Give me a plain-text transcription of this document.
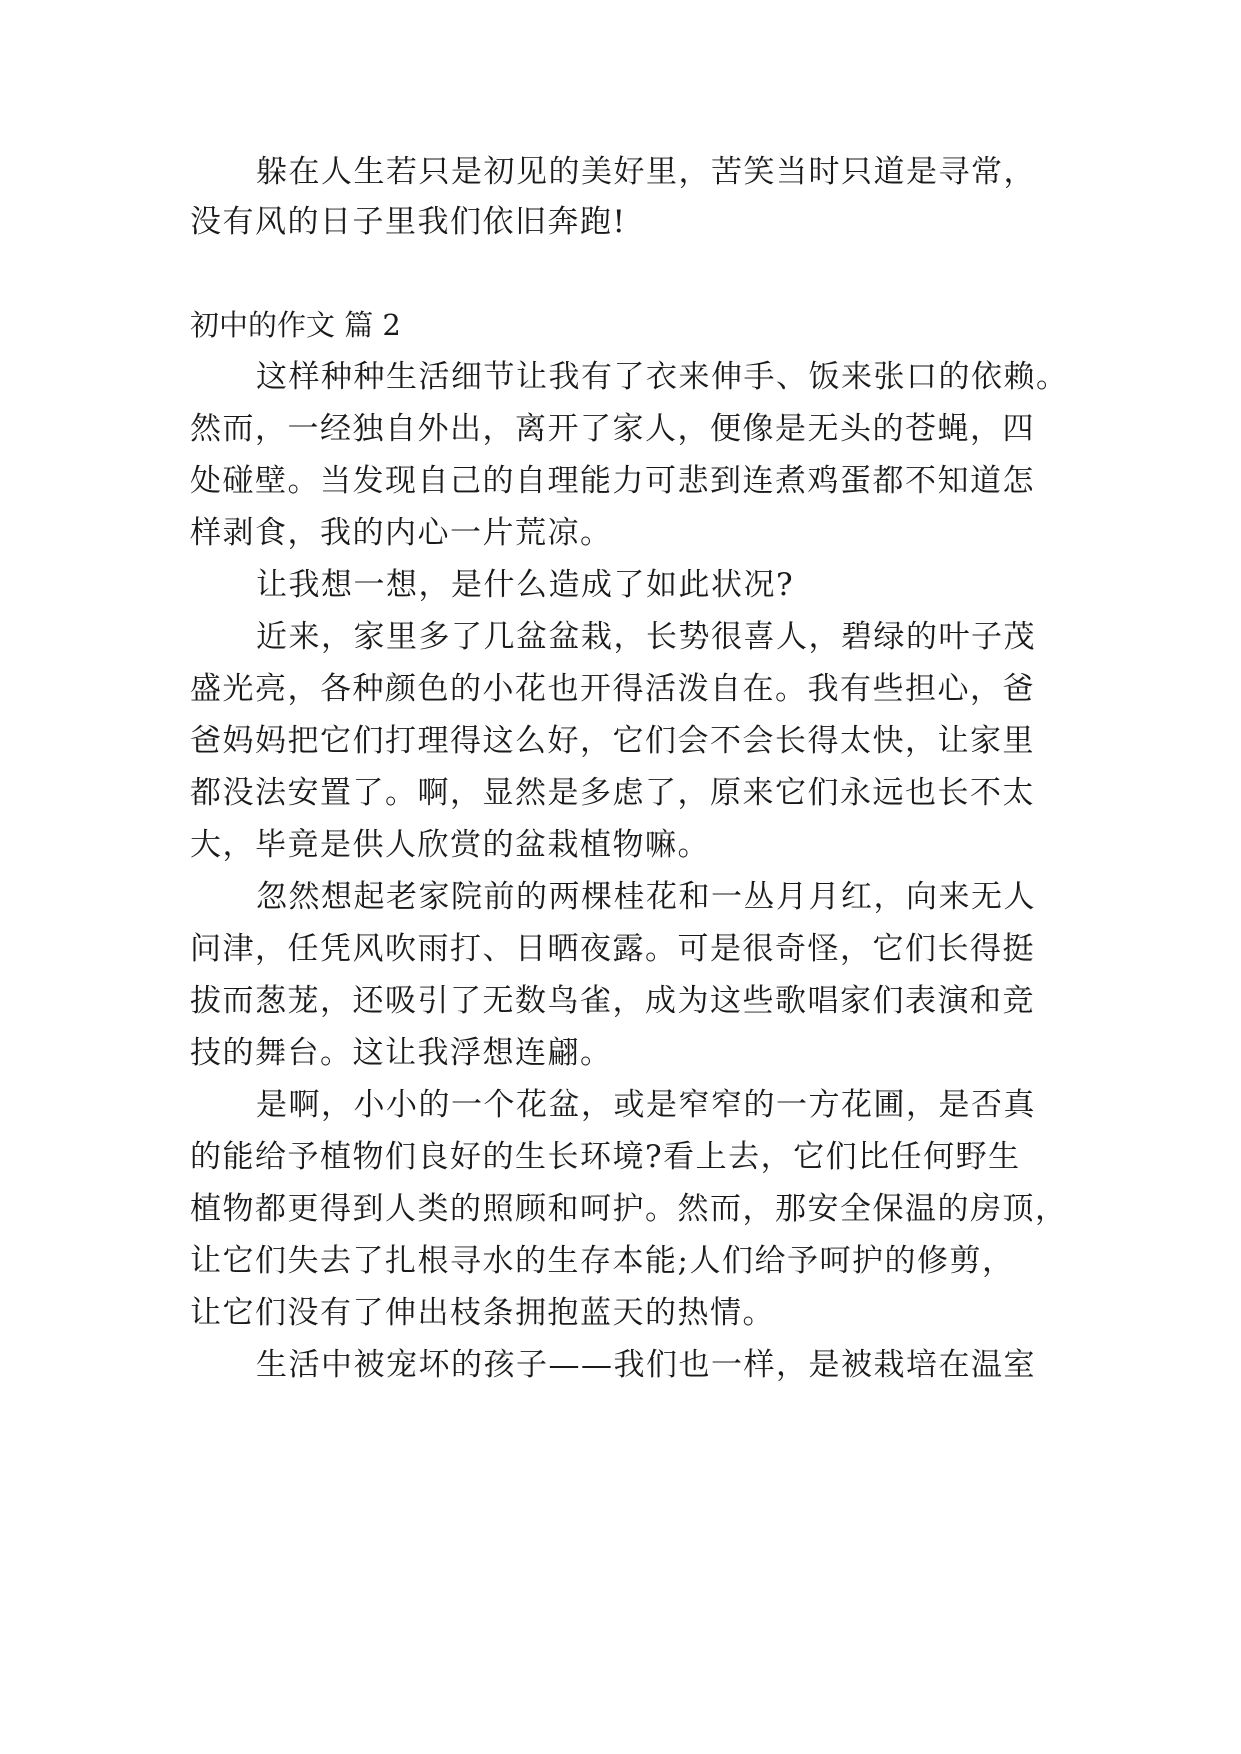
躲在人生若只是初见的美好里，苦笑当时只道是寻常，
没有风的日子里我们依旧奔跑!
初中的作文 篇 2
这样种种生活细节让我有了衣来伸手、饭来张口的依赖。
然而，一经独自外出，离开了家人，便像是无头的苍蝇，四
处碰壁。当发现自己的自理能力可悲到连煮鸡蛋都不知道怎
样剥食，我的内心一片荒凉。
让我想一想，是什么造成了如此状况?
近来，家里多了几盆盆栽，长势很喜人，碧绿的叶子茂
盛光亮，各种颜色的小花也开得活泼自在。我有些担心，爸
爸妈妈把它们打理得这么好，它们会不会长得太快，让家里
都没法安置了。啊，显然是多虑了，原来它们永远也长不太
大，毕竟是供人欣赏的盆栽植物嘛。
忽然想起老家院前的两棵桂花和一丛月月红，向来无人
问津，任凭风吹雨打、日晒夜露。可是很奇怪，它们长得挺
拔而葱茏，还吸引了无数鸟雀，成为这些歌唱家们表演和竞
技的舞台。这让我浮想连翩。
是啊，小小的一个花盆，或是窄窄的一方花圃，是否真
的能给予植物们良好的生长环境?看上去，它们比任何野生
植物都更得到人类的照顾和呵护。然而，那安全保温的房顶，
让它们失去了扎根寻水的生存本能;人们给予呵护的修剪，
让它们没有了伸出枝条拥抱蓝天的热情。
生活中被宠坏的孩子——我们也一样，是被栽培在温室
